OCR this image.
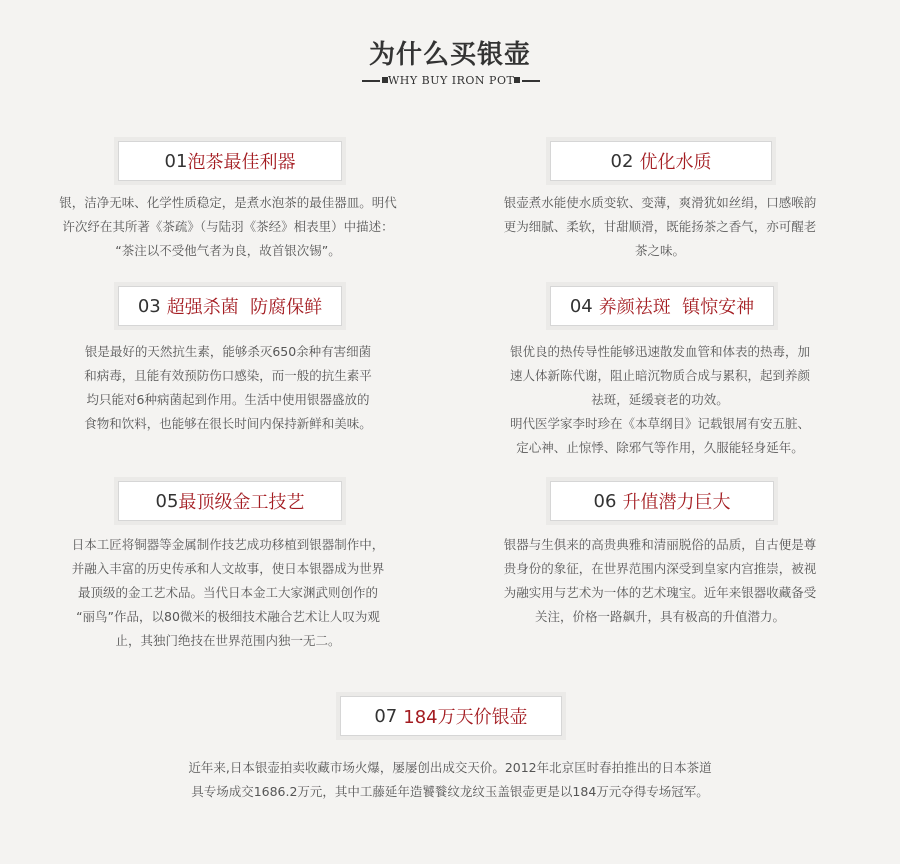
为什么买银壶
WHY BUY IRON POT
01 泡茶最佳利器

银，洁净无味、化学性质稳定，是煮水泡茶的最佳器皿。明代

许次纾在其所著《茶疏》（与陆羽《茶经》相表里）中描述：

“茶注以不受他气者为良，故首银次锡”。

02 优化水质

银壶煮水能使水质变软、变薄，爽滑犹如丝绢，口感喉韵

更为细腻、柔软，甘甜顺滑，既能扬茶之香气，亦可醒老

茶之味。

03 超强杀菌  防腐保鲜

银是最好的天然抗生素，能够杀灭650余种有害细菌

和病毒，且能有效预防伤口感染，而一般的抗生素平

均只能对6种病菌起到作用。生活中使用银器盛放的

食物和饮料，也能够在很长时间内保持新鲜和美味。

04 养颜祛斑  镇惊安神

银优良的热传导性能够迅速散发血管和体表的热毒，加

速人体新陈代谢，阻止暗沉物质合成与累积，起到养颜

祛斑，延缓衰老的功效。

明代医学家李时珍在《本草纲目》记载银屑有安五脏、

定心神、止惊悸、除邪气等作用，久服能轻身延年。

05 最顶级金工技艺

日本工匠将铜器等金属制作技艺成功移植到银器制作中，

并融入丰富的历史传承和人文故事，使日本银器成为世界

最顶级的金工艺术品。当代日本金工大家渊武则创作的

“丽鸟”作品，以80微米的极细技术融合艺术让人叹为观

止，其独门绝技在世界范围内独一无二。

06 升值潜力巨大

银器与生俱来的高贵典雅和清丽脱俗的品质，自古便是尊

贵身份的象征，在世界范围内深受到皇家内宫推崇，被视

为融实用与艺术为一体的艺术瑰宝。近年来银器收藏备受

关注，价格一路飙升，具有极高的升值潜力。

07 184万天价银壶

近年来,日本银壶拍卖收藏市场火爆，屡屡创出成交天价。2012年北京匡时春拍推出的日本茶道

具专场成交1686.2万元，其中工藤延年造饕餮纹龙纹玉盖银壶更是以184万元夺得专场冠军。
